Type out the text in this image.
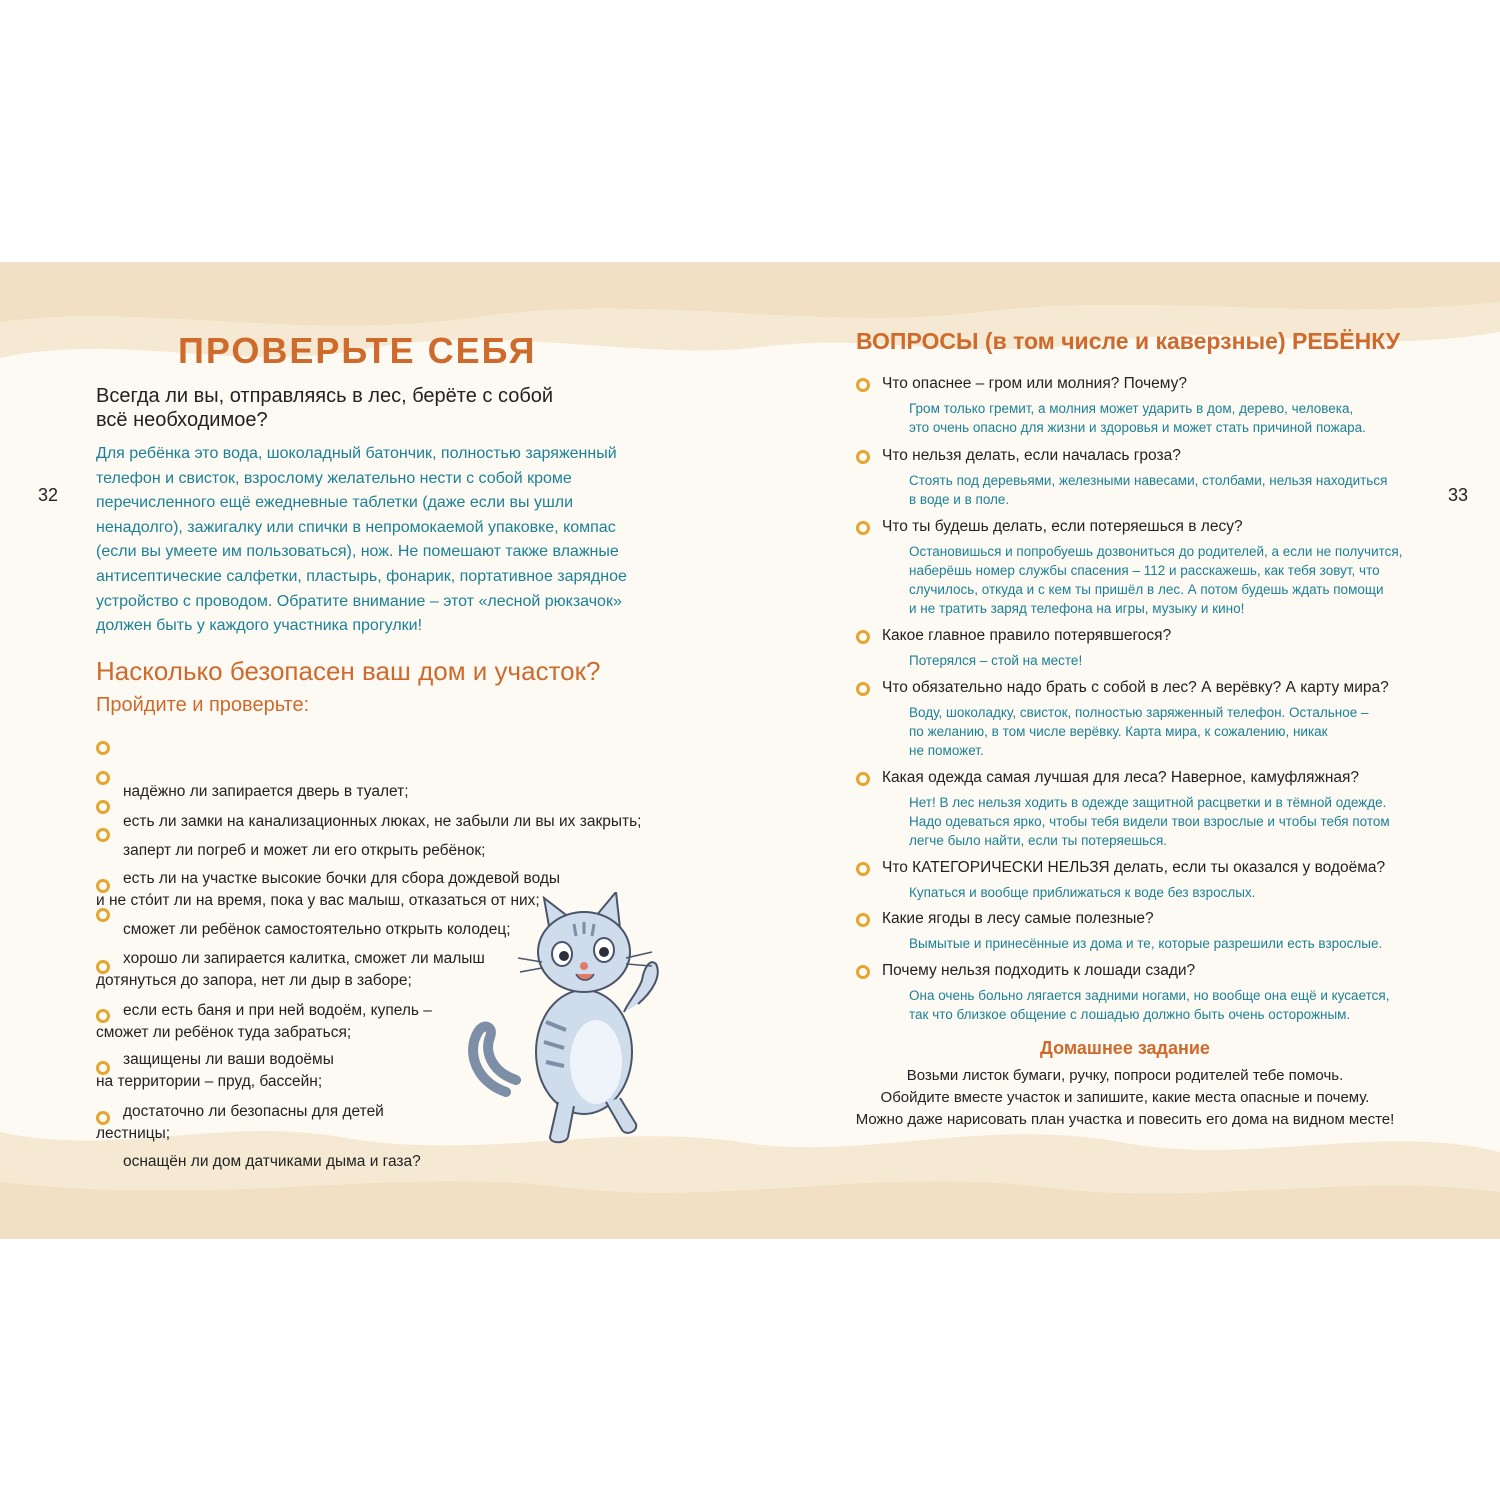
ПРОВЕРЬТЕ СЕБЯ
Всегда ли вы, отправляясь в лес, берёте с собой
всё необходимое?
Для ребёнка это вода, шоколадный батончик, полностью заряженный
телефон и свисток, взрослому желательно нести с собой кроме
перечисленного ещё ежедневные таблетки (даже если вы ушли
ненадолго), зажигалку или спички в непромокаемой упаковке, компас
(если вы умеете им пользоваться), нож. Не помешают также влажные
антисептические салфетки, пластырь, фонарик, портативное зарядное
устройство с проводом. Обратите внимание – этот «лесной рюкзачок»
должен быть у каждого участника прогулки!
Насколько безопасен ваш дом и участок?
Пройдите и проверьте:

надёжно ли запирается дверь в туалет;

есть ли замки на канализационных люках, не забыли ли вы их закрыть;

заперт ли погреб и может ли его открыть ребёнок;

есть ли на участке высокие бочки для сбора дождевой воды
и не сто́ит ли на время, пока у вас малыш, отказаться от них;

сможет ли ребёнок самостоятельно открыть колодец;

хорошо ли запирается калитка, сможет ли малыш
дотянуться до запора, нет ли дыр в заборе;

если есть баня и при ней водоём, купель –
сможет ли ребёнок туда забраться;

защищены ли ваши водоёмы
на территории – пруд, бассейн;

достаточно ли безопасны для детей
лестницы;

оснащён ли дом датчиками дыма и газа?

ВОПРОСЫ (в том числе и каверзные) РЕБЁНКУ
Что опаснее – гром или молния? Почему?
Гром только гремит, а молния может ударить в дом, дерево, человека,
это очень опасно для жизни и здоровья и может стать причиной пожара.
Что нельзя делать, если началась гроза?
Стоять под деревьями, железными навесами, столбами, нельзя находиться
в воде и в поле.
Что ты будешь делать, если потеряешься в лесу?
Остановишься и попробуешь дозвониться до родителей, а если не получится,
наберёшь номер службы спасения – 112 и расскажешь, как тебя зовут, что
случилось, откуда и с кем ты пришёл в лес. А потом будешь ждать помощи
и не тратить заряд телефона на игры, музыку и кино!
Какое главное правило потерявшегося?
Потерялся – стой на месте!
Что обязательно надо брать с собой в лес? А верёвку? А карту мира?
Воду, шоколадку, свисток, полностью заряженный телефон. Остальное –
по желанию, в том числе верёвку. Карта мира, к сожалению, никак
не поможет.
Какая одежда самая лучшая для леса? Наверное, камуфляжная?
Нет! В лес нельзя ходить в одежде защитной расцветки и в тёмной одежде.
Надо одеваться ярко, чтобы тебя видели твои взрослые и чтобы тебя потом
легче было найти, если ты потеряешься.
Что КАТЕГОРИЧЕСКИ НЕЛЬЗЯ делать, если ты оказался у водоёма?
Купаться и вообще приближаться к воде без взрослых.
Какие ягоды в лесу самые полезные?
Вымытые и принесённые из дома и те, которые разрешили есть взрослые.
Почему нельзя подходить к лошади сзади?
Она очень больно лягается задними ногами, но вообще она ещё и кусается,
так что близкое общение с лошадью должно быть очень осторожным.
Домашнее задание
Возьми листок бумаги, ручку, попроси родителей тебе помочь.
Обойдите вместе участок и запишите, какие места опасные и почему.
Можно даже нарисовать план участка и повесить его дома на видном месте!
32	33
